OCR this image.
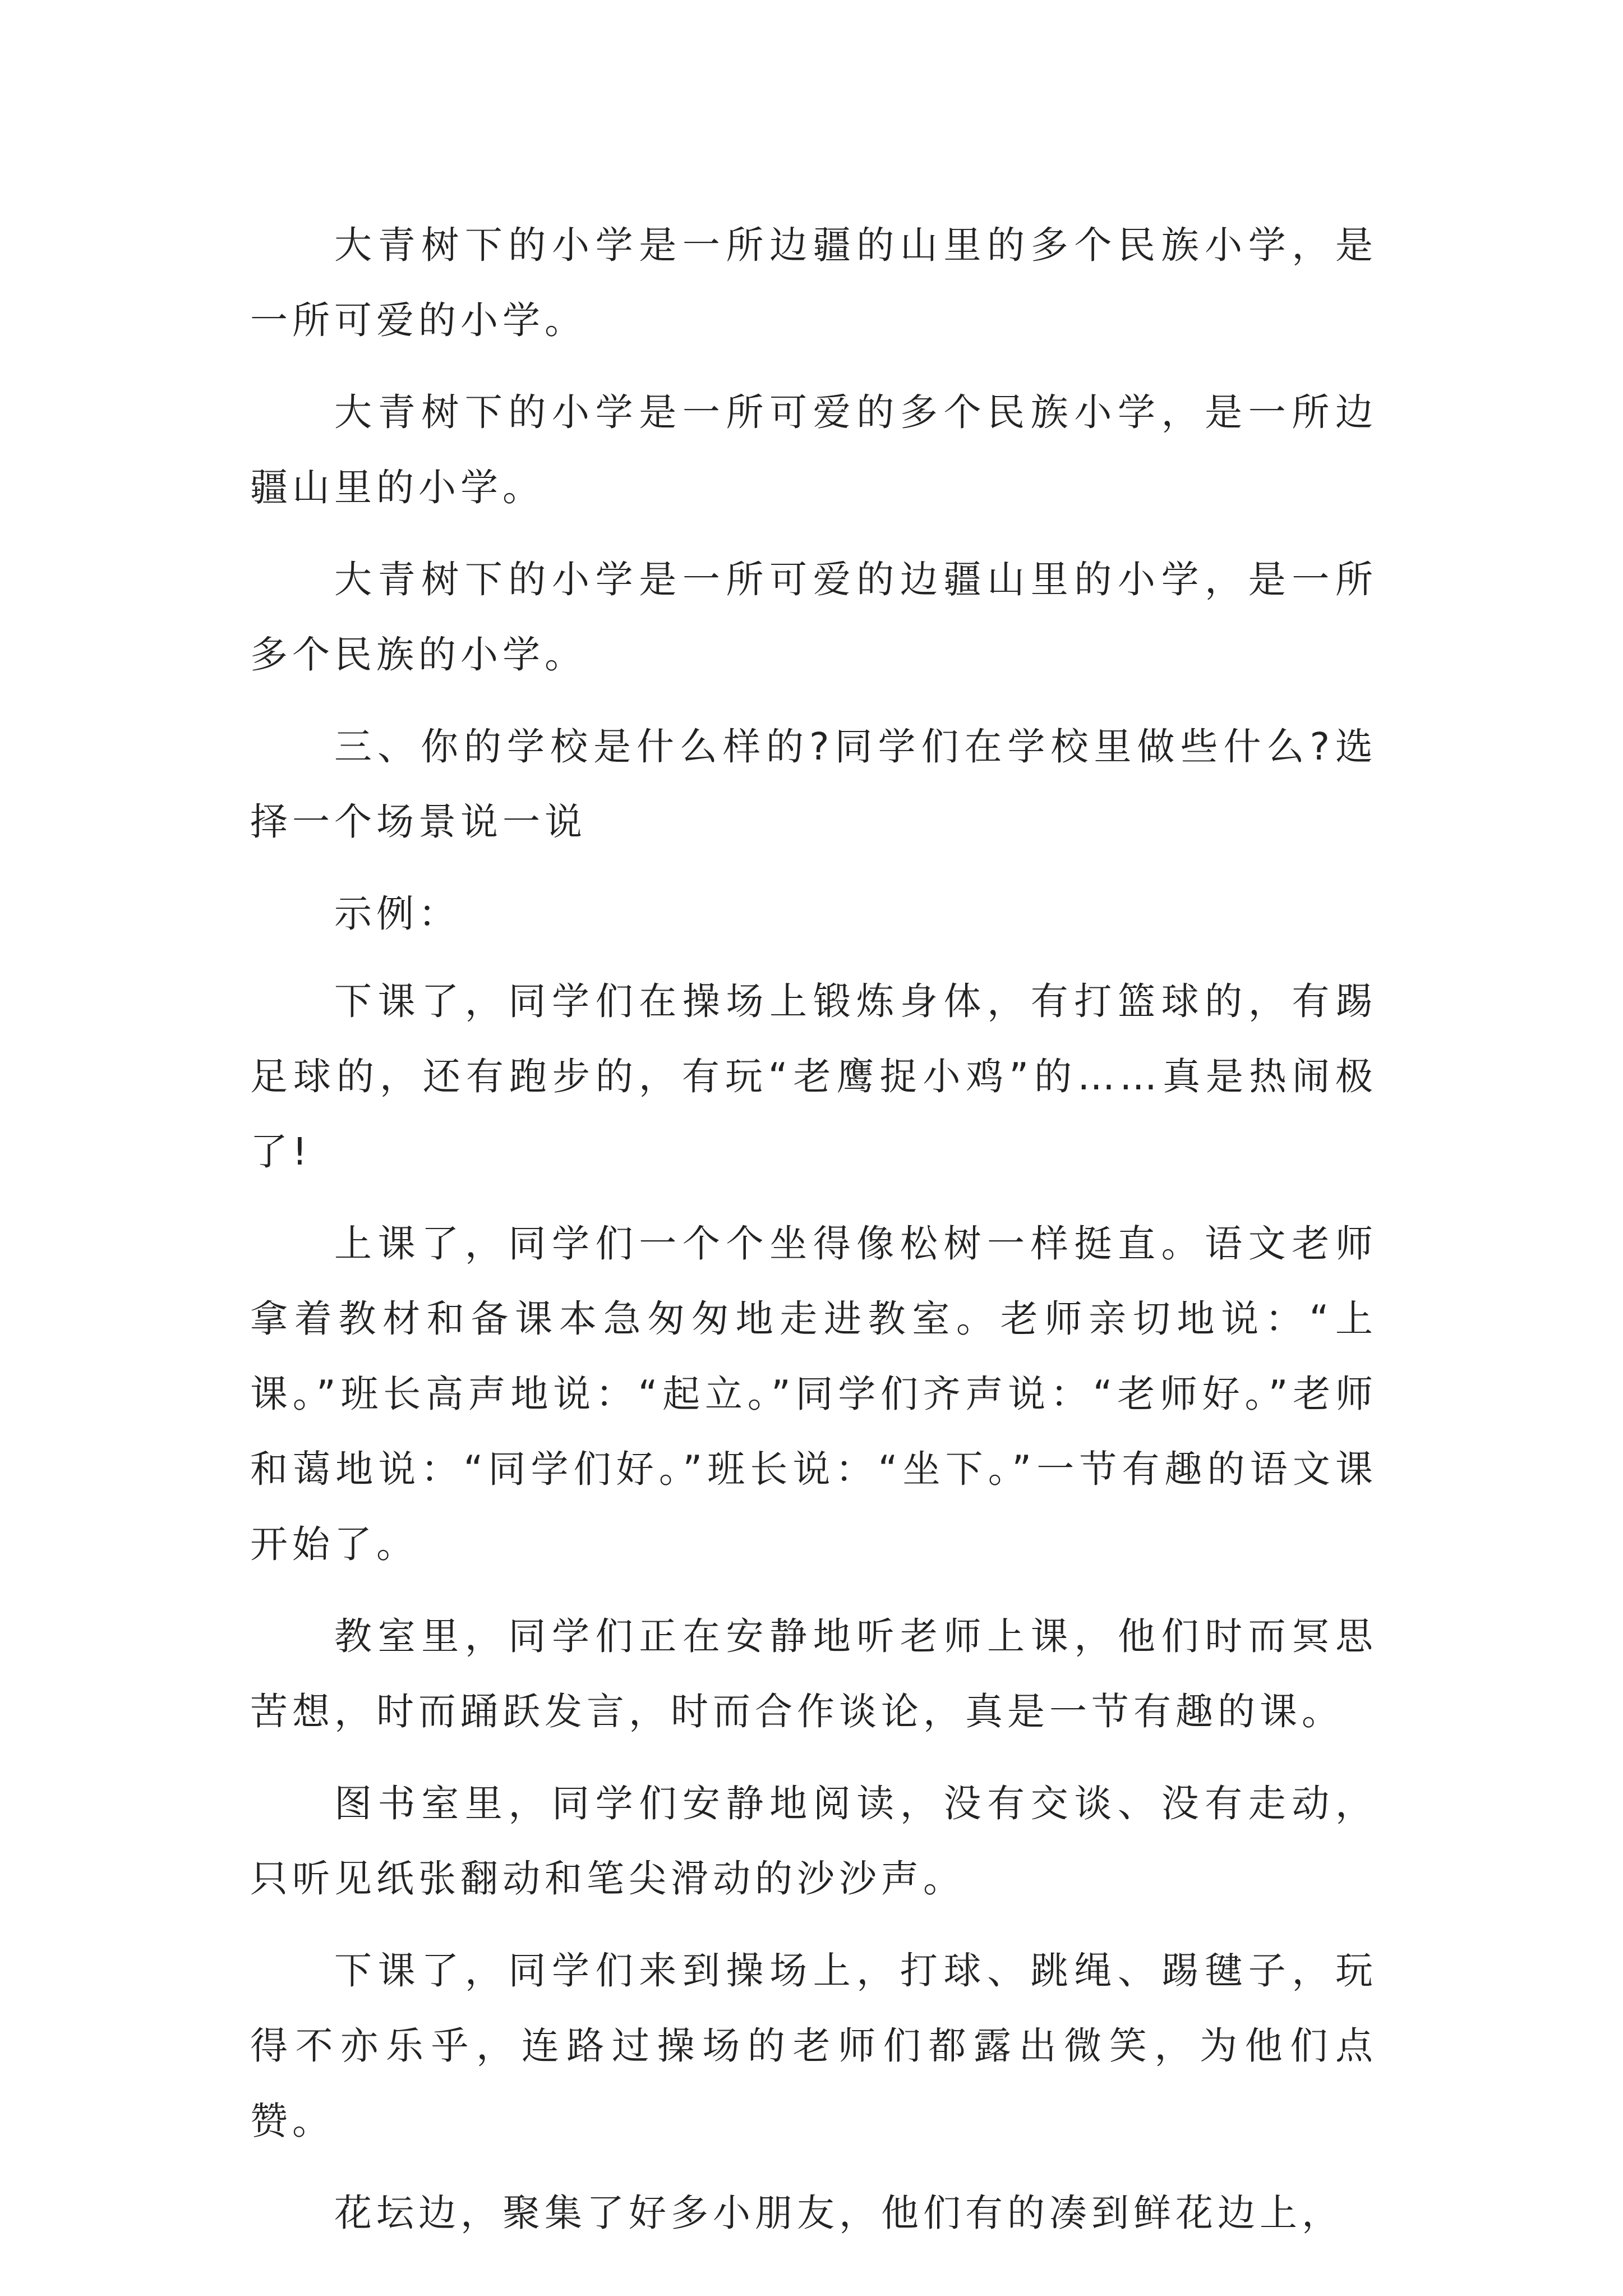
大青树下的小学是一所边疆的山里的多个民族小学，是一所可爱的小学。

大青树下的小学是一所可爱的多个民族小学，是一所边疆山里的小学。

大青树下的小学是一所可爱的边疆山里的小学，是一所多个民族的小学。

三、你的学校是什么样的?同学们在学校里做些什么?选择一个场景说一说

示例：

下课了，同学们在操场上锻炼身体，有打篮球的，有踢足球的，还有跑步的，有玩“老鹰捉小鸡”的……真是热闹极了!

上课了，同学们一个个坐得像松树一样挺直。语文老师拿着教材和备课本急匆匆地走进教室。老师亲切地说：“上课。”班长高声地说：“起立。”同学们齐声说：“老师好。”老师和蔼地说：“同学们好。”班长说：“坐下。”一节有趣的语文课开始了。

教室里，同学们正在安静地听老师上课，他们时而冥思苦想，时而踊跃发言，时而合作谈论，真是一节有趣的课。

图书室里，同学们安静地阅读，没有交谈、没有走动，只听见纸张翻动和笔尖滑动的沙沙声。

下课了，同学们来到操场上，打球、跳绳、踢毽子，玩得不亦乐乎，连路过操场的老师们都露出微笑，为他们点赞。

花坛边，聚集了好多小朋友，他们有的凑到鲜花边上，
